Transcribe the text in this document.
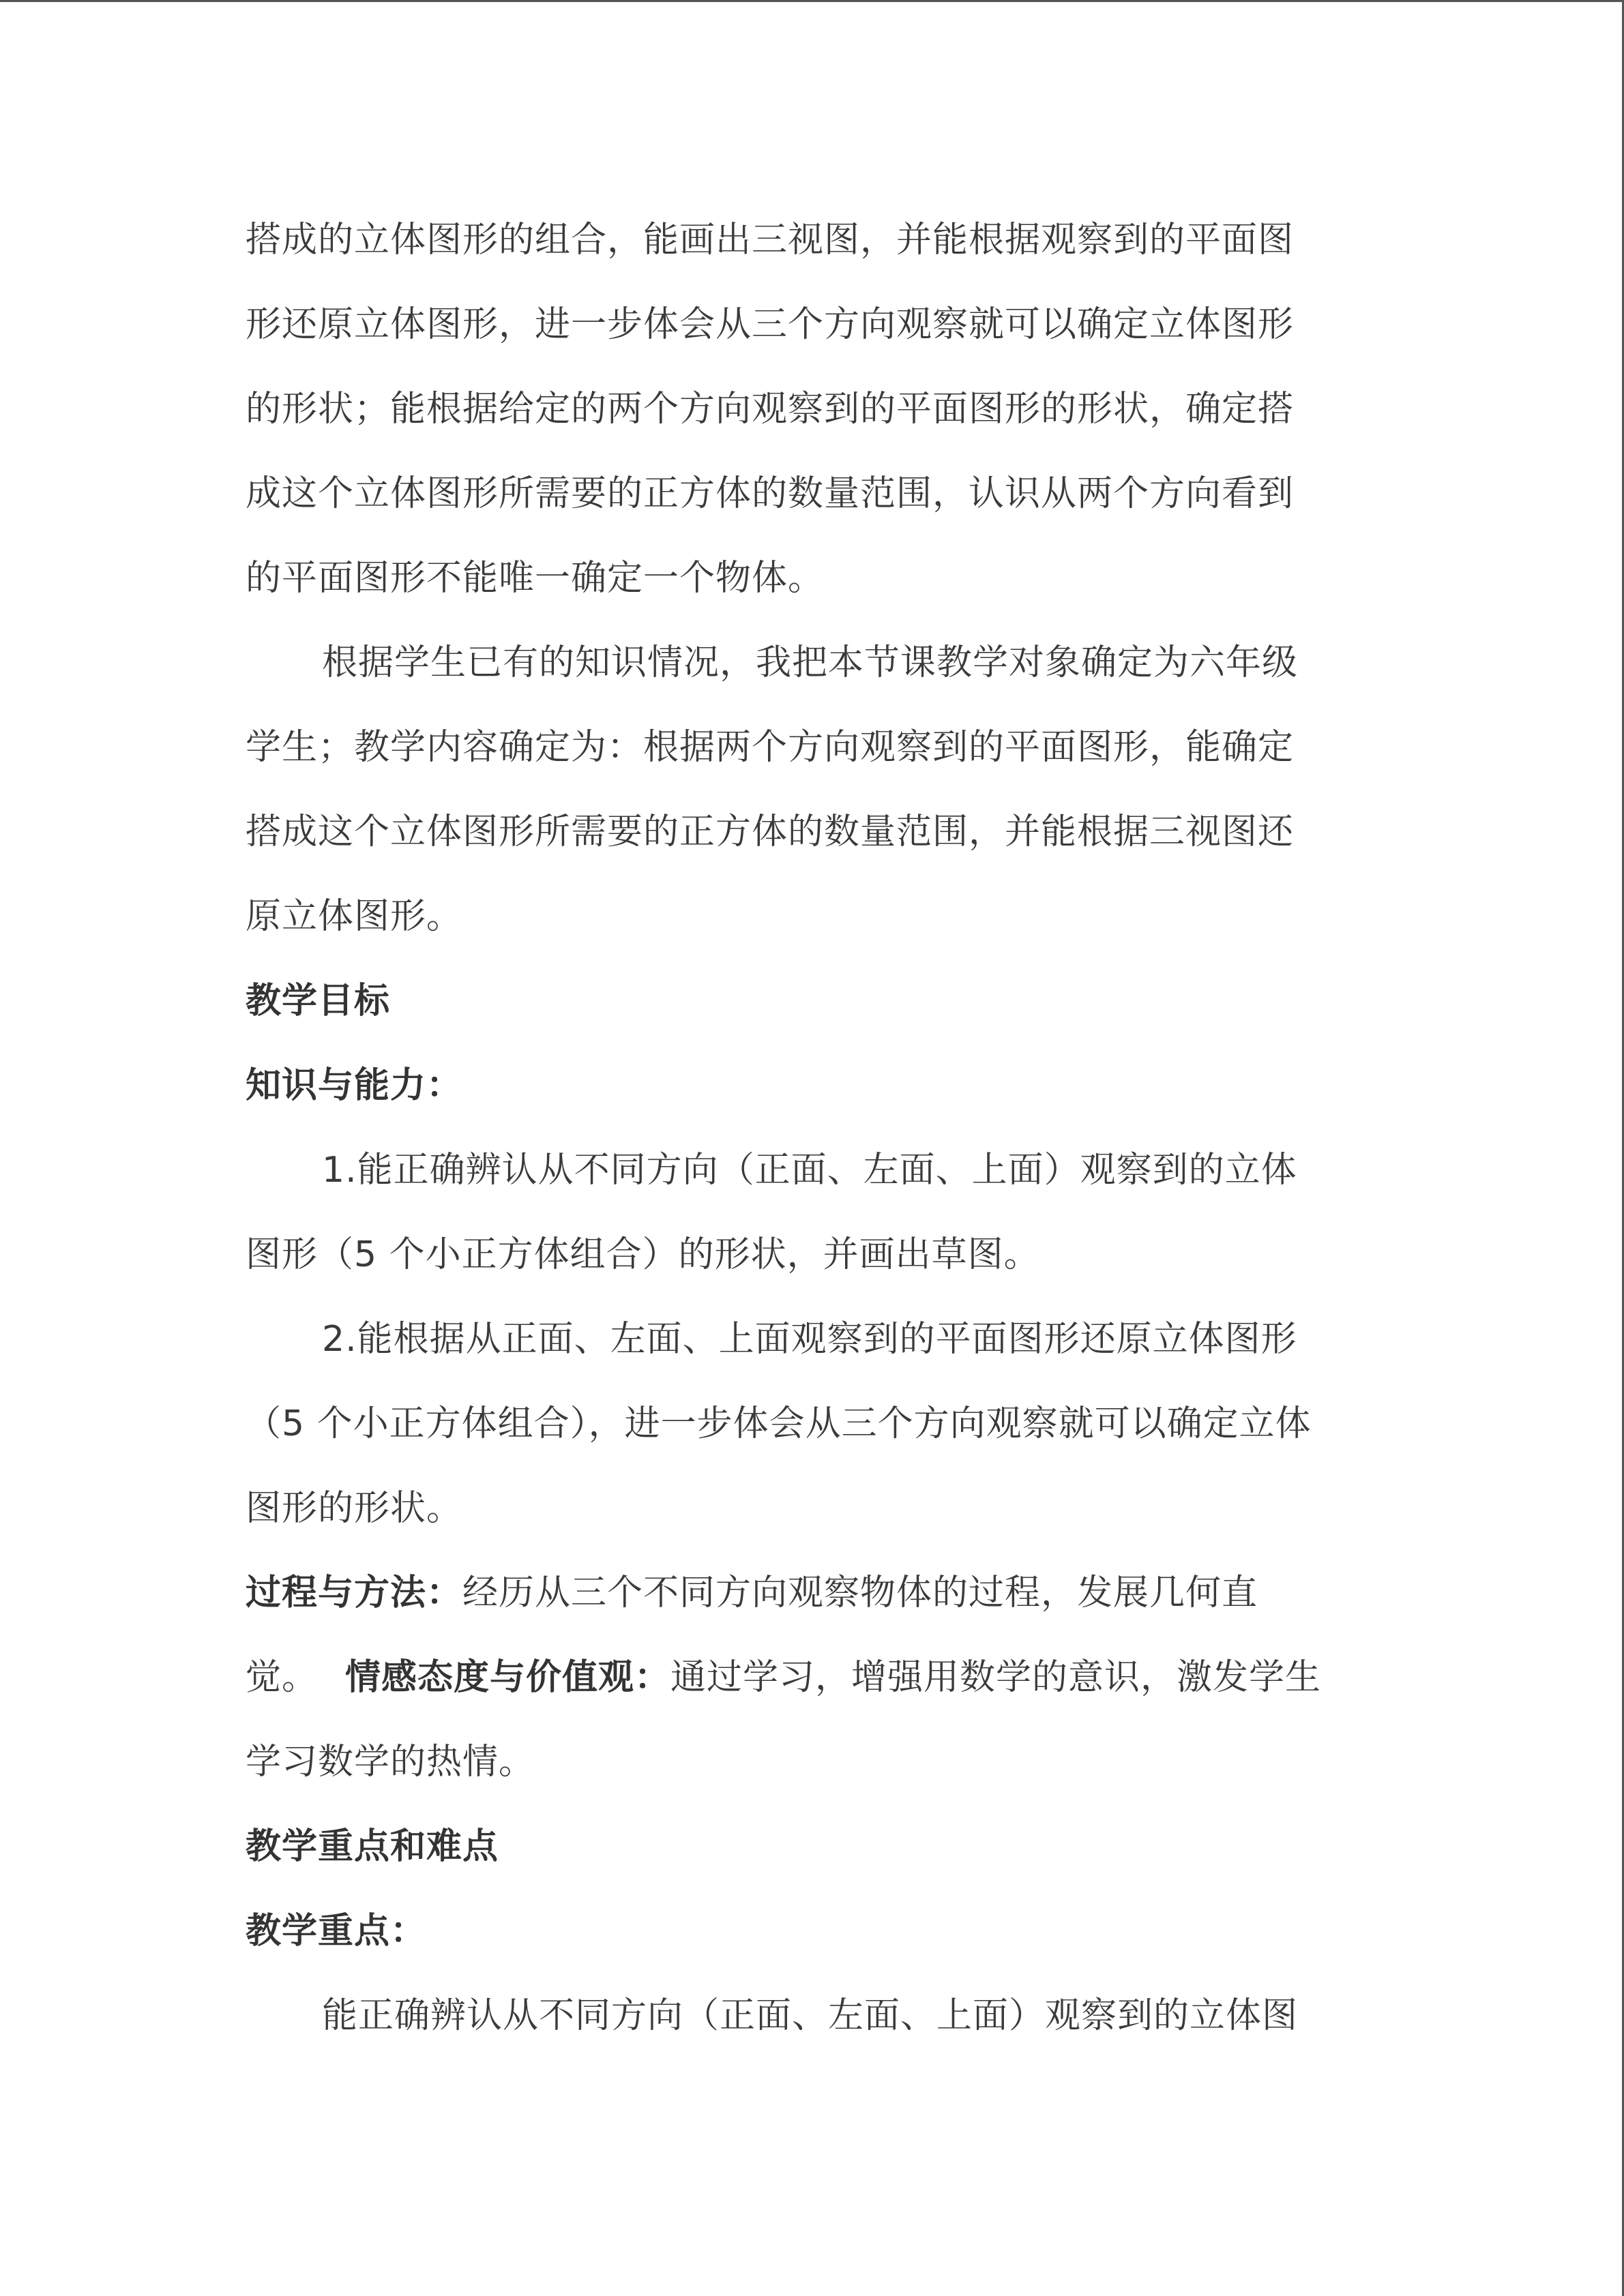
搭成的立体图形的组合，能画出三视图，并能根据观察到的平面图
形还原立体图形，进一步体会从三个方向观察就可以确定立体图形
的形状；能根据给定的两个方向观察到的平面图形的形状，确定搭
成这个立体图形所需要的正方体的数量范围，认识从两个方向看到
的平面图形不能唯一确定一个物体。
根据学生已有的知识情况，我把本节课教学对象确定为六年级
学生；教学内容确定为：根据两个方向观察到的平面图形，能确定
搭成这个立体图形所需要的正方体的数量范围，并能根据三视图还
原立体图形。
教学目标
知识与能力：
1.能正确辨认从不同方向（正面、左面、上面）观察到的立体
图形（5 个小正方体组合）的形状，并画出草图。
2.能根据从正面、左面、上面观察到的平面图形还原立体图形
（5 个小正方体组合），进一步体会从三个方向观察就可以确定立体
图形的形状。
过程与方法：经历从三个不同方向观察物体的过程，发展几何直
觉。 情感态度与价值观：通过学习，增强用数学的意识，激发学生
学习数学的热情。
教学重点和难点
教学重点：
能正确辨认从不同方向（正面、左面、上面）观察到的立体图
